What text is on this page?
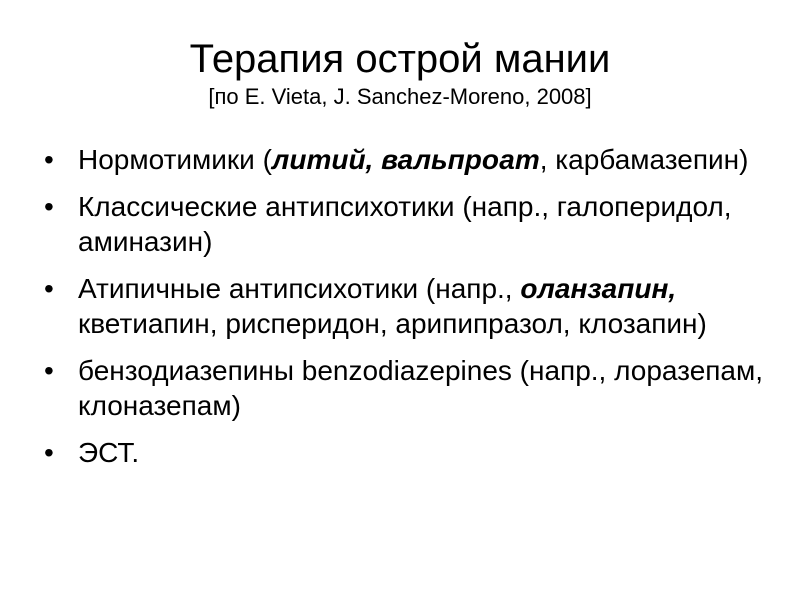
Терапия острой мании
[по E. Vieta, J. Sanchez-Moreno, 2008]
• Нормотимики (литий, вальпроат, карбамазепин)
• Классические антипсихотики (напр., галоперидол, аминазин)
• Атипичные антипсихотики (напр., оланзапин, кветиапин, рисперидон, арипипразол, клозапин)
• бензодиазепины benzodiazepines (напр., лоразепам, клоназепам)
• ЭСТ.
